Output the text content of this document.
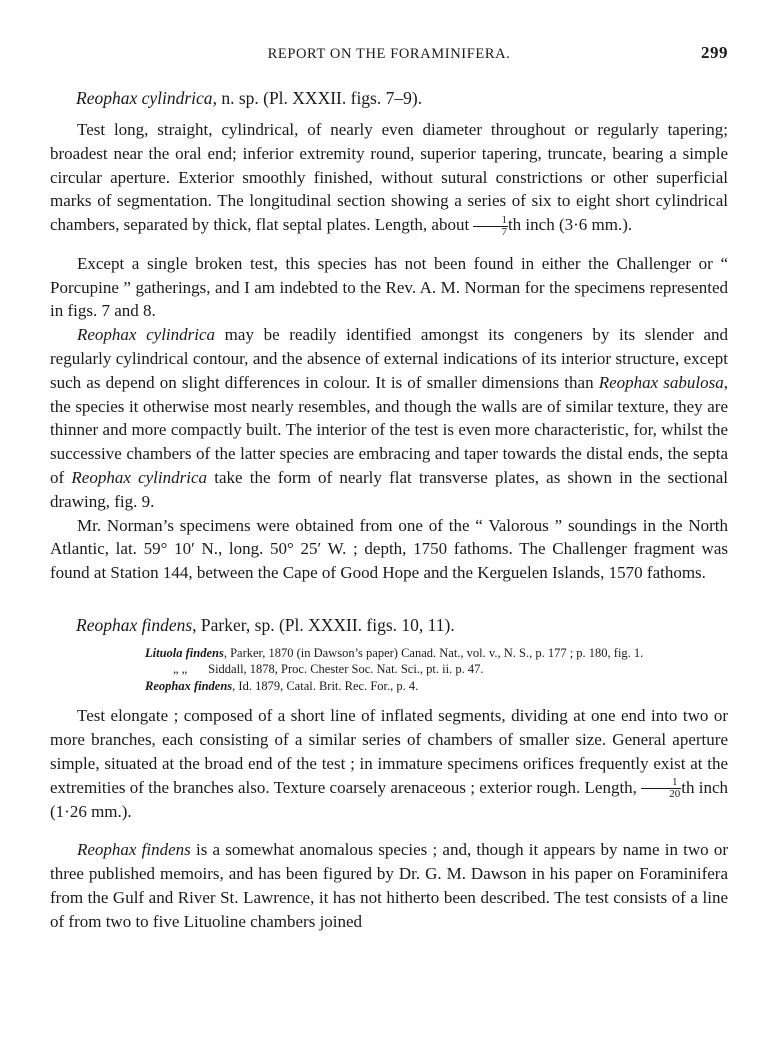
REPORT ON THE FORAMINIFERA.	299
Reophax cylindrica, n. sp. (Pl. XXXII. figs. 7–9).

Test long, straight, cylindrical, of nearly even diameter throughout or regularly tapering; broadest near the oral end; inferior extremity round, superior tapering, truncate, bearing a simple circular aperture. Exterior smoothly finished, without sutural constrictions or other superficial marks of segmentation. The longitudinal section showing a series of six to eight short cylindrical chambers, separated by thick, flat septal plates. Length, about $\frac{1}{7}$ th inch (3·6 mm.).

Except a single broken test, this species has not been found in either the Challenger or “ Porcupine ” gatherings, and I am indebted to the Rev. A. M. Norman for the specimens represented in figs. 7 and 8.

Reophax cylindrica may be readily identified amongst its congeners by its slender and regularly cylindrical contour, and the absence of external indications of its interior structure, except such as depend on slight differences in colour. It is of smaller dimensions than Reophax sabulosa, the species it otherwise most nearly resembles, and though the walls are of similar texture, they are thinner and more compactly built. The interior of the test is even more characteristic, for, whilst the successive chambers of the latter species are embracing and taper towards the distal ends, the septa of Reophax cylindrica take the form of nearly flat transverse plates, as shown in the sectional drawing, fig. 9.

Mr. Norman’s specimens were obtained from one of the “ Valorous ” soundings in the North Atlantic, lat. 59° 10′ N., long. 50° 25′ W. ; depth, 1750 fathoms. The Challenger fragment was found at Station 144, between the Cape of Good Hope and the Kerguelen Islands, 1570 fathoms.

Reophax findens, Parker, sp. (Pl. XXXII. figs. 10, 11).
Lituola findens, Parker, 1870 (in Dawson’s paper) Canad. Nat., vol. v., N. S., p. 177 ; p. 180, fig. 1.
„ „ Siddall, 1878, Proc. Chester Soc. Nat. Sci., pt. ii. p. 47.
Reophax findens, Id. 1879, Catal. Brit. Rec. For., p. 4.

Test elongate ; composed of a short line of inflated segments, dividing at one end into two or more branches, each consisting of a similar series of chambers of smaller size. General aperture simple, situated at the broad end of the test ; in immature specimens orifices frequently exist at the extremities of the branches also. Texture coarsely arenaceous ; exterior rough. Length, $\frac{1}{20}$ th inch (1·26 mm.).

Reophax findens is a somewhat anomalous species ; and, though it appears by name in two or three published memoirs, and has been figured by Dr. G. M. Dawson in his paper on Foraminifera from the Gulf and River St. Lawrence, it has not hitherto been described. The test consists of a line of from two to five Lituoline chambers joined
